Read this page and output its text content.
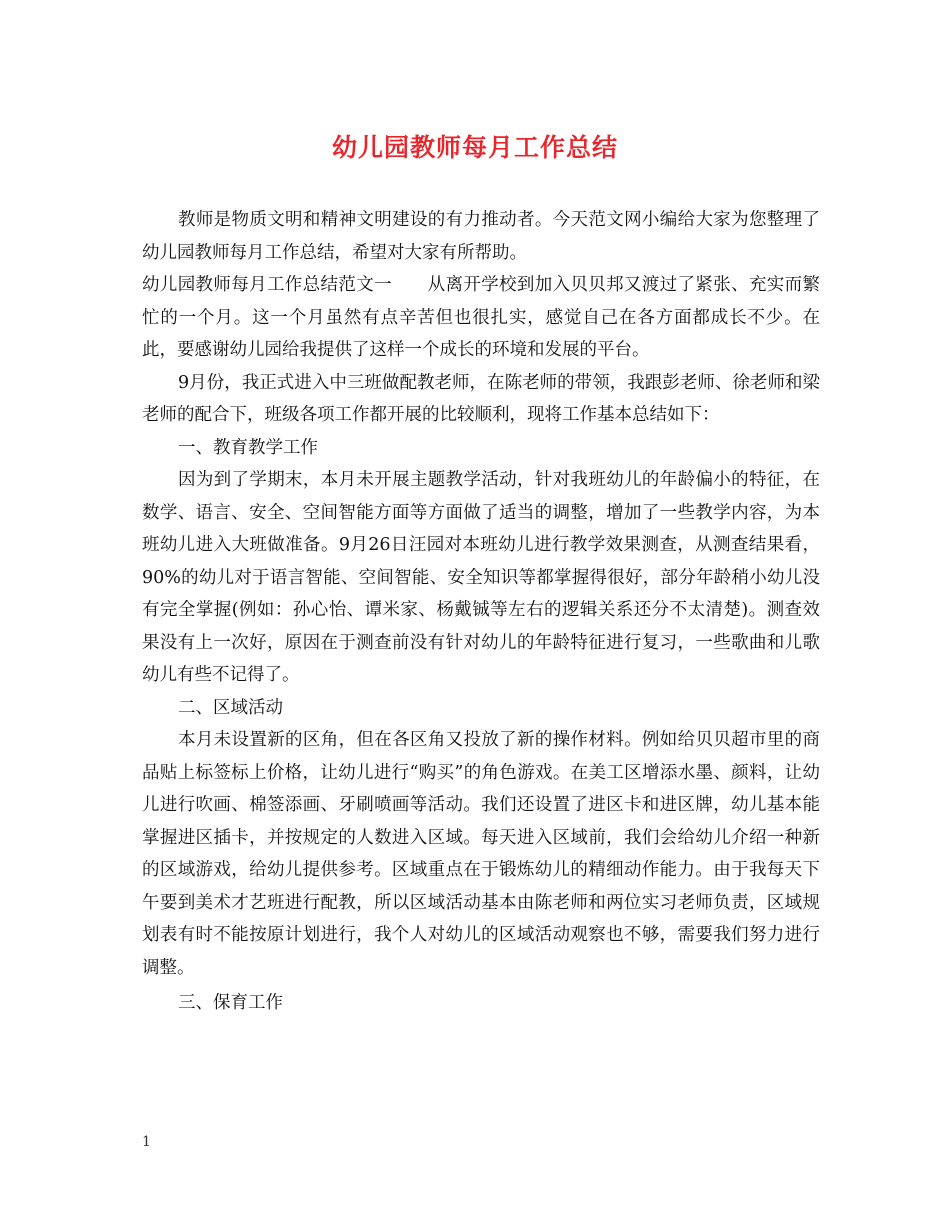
幼儿园教师每月工作总结

教师是物质文明和精神文明建设的有力推动者。今天范文网小编给大家为您整理了幼儿园教师每月工作总结，希望对大家有所帮助。

幼儿园教师每月工作总结范文一　　从离开学校到加入贝贝邦又渡过了紧张、充实而繁忙的一个月。这一个月虽然有点辛苦但也很扎实，感觉自己在各方面都成长不少。在此，要感谢幼儿园给我提供了这样一个成长的环境和发展的平台。

9月份，我正式进入中三班做配教老师，在陈老师的带领，我跟彭老师、徐老师和梁老师的配合下，班级各项工作都开展的比较顺利，现将工作基本总结如下：

一、教育教学工作

因为到了学期末，本月未开展主题教学活动，针对我班幼儿的年龄偏小的特征，在数学、语言、安全、空间智能方面等方面做了适当的调整，增加了一些教学内容，为本班幼儿进入大班做准备。9月26日汪园对本班幼儿进行教学效果测查，从测查结果看，90%的幼儿对于语言智能、空间智能、安全知识等都掌握得很好，部分年龄稍小幼儿没有完全掌握(例如：孙心怡、谭米家、杨戴铖等左右的逻辑关系还分不太清楚)。测查效果没有上一次好，原因在于测查前没有针对幼儿的年龄特征进行复习，一些歌曲和儿歌幼儿有些不记得了。

二、区域活动

本月未设置新的区角，但在各区角又投放了新的操作材料。例如给贝贝超市里的商品贴上标签标上价格，让幼儿进行“购买”的角色游戏。在美工区增添水墨、颜料，让幼儿进行吹画、棉签添画、牙刷喷画等活动。我们还设置了进区卡和进区牌，幼儿基本能掌握进区插卡，并按规定的人数进入区域。每天进入区域前，我们会给幼儿介绍一种新的区域游戏，给幼儿提供参考。区域重点在于锻炼幼儿的精细动作能力。由于我每天下午要到美术才艺班进行配教，所以区域活动基本由陈老师和两位实习老师负责，区域规划表有时不能按原计划进行，我个人对幼儿的区域活动观察也不够，需要我们努力进行调整。

三、保育工作

1
